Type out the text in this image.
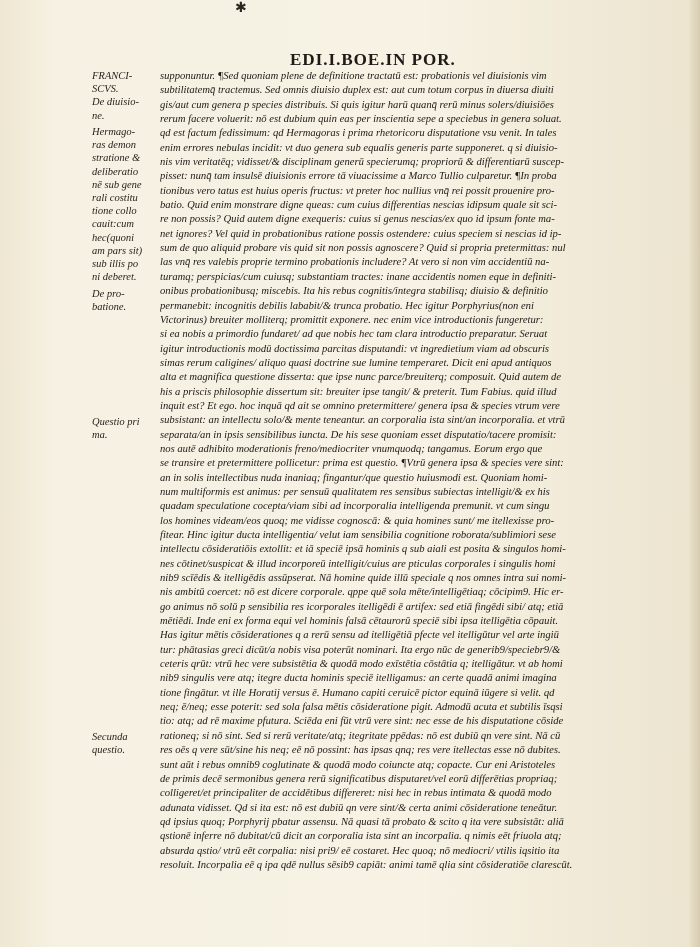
✱
EDI.I.BOE.IN POR.
FRANCI-
SCVS.
De diuisio-
ne.
Hermago-
ras demon
stratione &
deliberatio
nē sub gene
rali costitu
tione collo
cauit:cum
hec(quoni
am pars sit)
sub illis po
ni deberet.
De pro-
batione.
Questio pri
ma.
Secunda
questio.
supponuntur. ¶Sed quoniam plene de definitione tractatū est: probationis vel diuisionis vim
subtilitatemq̄ tractemus. Sed omnis diuisio duplex est: aut cum totum corpus in diuersa diuiti
gis/aut cum genera p species distribuis. Si quis igitur harū quanq̄ rerū minus solers/diuisiōes
rerum facere voluerit: nō est dubium quin eas per inscientia sepe a speciebus in genera soluat.
qd est factum fedissimum: qd Hermagoras i prima rhetoricoru disputatione vsu venit. In tales
enim errores nebulas incidit: vt duo genera sub equalis generis parte supponeret. q si diuisio-
nis vim veritatēq; vidisset/& disciplinam generū specierumq; propriorū & differentiarū suscep-
pisset: nunq̄ tam insulsē diuisionis errore tā viuacissime a Marco Tullio culparetur. ¶In proba
tionibus vero tatus est huius operis fructus: vt preter hoc nullius vnq̄ rei possit prouenire pro-
batio. Quid enim monstrare digne queas: cum cuius differentias nescias idipsum quale sit sci-
re non possis? Quid autem digne exequeris: cuius si genus nescias/ex quo id ipsum fonte ma-
net ignores? Vel quid in probationibus ratione possis ostendere: cuius speciem si nescias id ip-
sum de quo aliquid probare vis quid sit non possis agnoscere? Quid si propria pretermittas: nul
las vnq̄ res valebis proprie termino probationis includere? At vero si non vim accidentiū na-
turamq; perspicias/cum cuiusq; substantiam tractes: inane accidentis nomen eque in definiti-
onibus probationibusq; miscebis. Ita his rebus cognitis/integra stabilisq; diuisio & definitio
permanebit: incognitis debilis lababit/& trunca probatio. Hec igitur Porphyrius(non eni
Victorinus) breuiter molliterq; promittit exponere. nec enim vice introductionis fungeretur:
si ea nobis a primordio fundaret/ ad que nobis hec tam clara introductio preparatur. Seruat
igitur introductionis modū doctissima parcitas disputandi: vt ingredietium viam ad obscuris
simas rerum caligines/ aliquo quasi doctrine sue lumine temperaret. Dicit eni apud antiquos
alta et magnifica questione disserta: que ipse nunc parce/breuiterq; composuit. Quid autem de
his a priscis philosophie dissertum sit: breuiter ipse tangit/ & preterit. Tum Fabius. quid illud
inquit est? Et ego. hoc inquā qd ait se omnino pretermittere/ genera ipsa & species vtrum vere
subsistant: an intellectu solo/& mente teneantur. an corporalia ista sint/an incorporalia. et vtrū
separata/an in ipsis sensibilibus iuncta. De his sese quoniam esset disputatio/tacere promisit:
nos autē adhibito moderationis freno/mediocriter vnumquodq; tangamus. Eorum ergo que
se transire et pretermittere pollicetur: prima est questio. ¶Vtrū genera ipsa & species vere sint:
an in solis intellectibus nuda inaniaq; fingantur/que questio huiusmodi est. Quoniam homi-
num multiformis est animus: per sensuū qualitatem res sensibus subiectas intelligit/& ex his
quadam speculatione cocepta/viam sibi ad incorporalia intelligenda premunit. vt cum singu
los homines videam/eos quoq; me vidisse cognoscā: & quia homines sunt/ me itellexisse pro-
fitear. Hinc igitur ducta intelligentia/ velut iam sensibilia cognitione roborata/sublimiori sese
intellectu cōsideratiōis extollit: et iā speciē ipsā hominis q sub aiali est posita & singulos homi-
nes cōtinet/suspicat & illud incorporeū intelligit/cuius are pticulas corporales i singulis homi
nib9 scīēdis & itelligēdis assūpserat. Nā homine quide illū speciale q nos omnes intra sui nomi-
nis ambitū coercet: nō est dicere corporale. qppe quē sola mēte/intelligētiaq; cōcipim9. Hic er-
go animus nō solū p sensibilia res icorporales itelligēdi ē artifex: sed etiā fingēdi sibi/ atq; etiā
mētiēdi. Inde eni ex forma equi vel hominis falsā cētaurorū speciē sibi ipsa itelligētia cōpauit.
Has igitur mētis cōsiderationes q a rerū sensu ad itelligētiā pfecte vel itelligūtur vel arte ingiū
tur: phātasias greci dicūt/a nobis visa poterūt nominari. Ita ergo nūc de generib9/speciebr9/&
ceteris qrūt: vtrū hec vere subsistētia & quodā modo exīstētia cōstātia q; itelligātur. vt ab homi
nib9 singulis vere atq; itegre ducta hominis speciē itelligamus: an certe quadā animi imagina
tione fingātur. vt ille Horatij versus ē. Humano capiti ceruicē pictor equinā iūgere si velit. qd
neq; ē/neq; esse poterit: sed sola falsa mētis cōsideratione pigit. Admodū acuta et subtilis īsqsi
tio: atq; ad rē maxime pfutura. Sciēda eni fūt vtrū vere sint: nec esse de his disputatione cōside
rationeq; si nō sint. Sed si rerū veritate/atq; itegritate ppēdas: nō est dubiū qn vere sint. Nā cū
res oēs q vere sūt/sine his neq; eē nō possint: has ipsas qnq; res vere itellectas esse nō dubites.
sunt aūt i rebus omnib9 coglutinate & quodā modo coiuncte atq; copacte. Cur eni Aristoteles
de primis decē sermonibus genera rerū significatibus disputaret/vel eorū differētias propriaq;
colligeret/et principaliter de accidētibus differeret: nisi hec in rebus intimata & quodā modo
adunata vidisset. Qd si ita est: nō est dubiū qn vere sint/& certa animi cōsideratione teneātur.
qd ipsius quoq; Porphyrij pbatur assensu. Nā quasi tā probato & scito q ita vere subsistāt: aliā
qstionē inferre nō dubitat/cū dicit an corporalia ista sint an incorpalia. q nimis eēt friuola atq;
absurda qstio/ vtrū eēt corpalia: nisi pri9/ eē costaret. Hec quoq; nō mediocri/ vtilis iqsitio ita
resoluit. Incorpalia eē q ipa qdē nullus sēsib9 capiāt: animi tamē qlia sint cōsideratiōe clarescūt.
